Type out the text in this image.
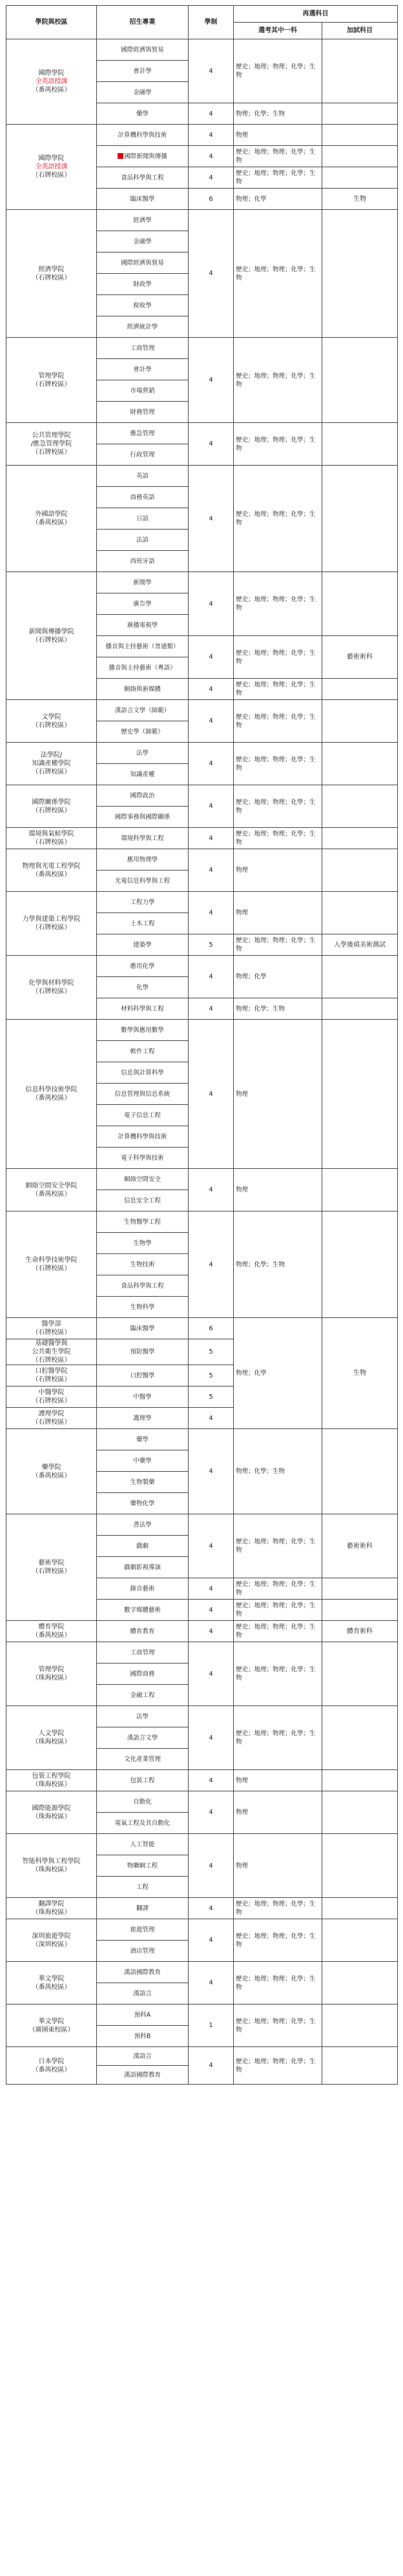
學院與校區	招生專業	學制	再選科目	
			選考其中一科	加試科目

國際學院
全英語授課
（番禺校區）	國際經濟與貿易	4	歷史；地理；物理；化學；生物	
	會計學			
	金融學			
	藥學	4	物理；化學；生物	

國際學院
全英語授課
（石牌校區）	計算機科學與技術	4	物理	
	國際新聞與傳播	4	歷史；地理；物理；化學；生物	
	食品科學與工程	4	歷史；地理；物理；化學；生物	
	臨床醫學	6	物理；化學	生物

經濟學院
（石牌校區）	經濟學	4	歷史；地理；物理；化學；生物	
	金融學			
	國際經濟與貿易			
	財政學			
	稅收學			
	經濟統計學			

管理學院
（石牌校區）	工商管理	4	歷史；地理；物理；化學；生物	
	會計學			
	市場營銷			
	財務管理			

公共管理學院
/應急管理學院
（石牌校區）	應急管理	4	歷史；地理；物理；化學；生物	
	行政管理			

外國語學院
（番禺校區）	英語	4	歷史；地理；物理；化學；生物	
	商務英語			
	日語			
	法語			
	西班牙語			

新聞與傳播學院
（石牌校區）	新聞學	4	歷史；地理；物理；化學；生物	
	廣告學			
	廣播電視學			
	播音與主持藝術（普通類）	4	歷史；地理；物理；化學；生物	藝術術科
	播音與主持藝術（粵語）			
	網絡與新媒體	4	歷史；地理；物理；化學；生物	

文學院
（石牌校區）	漢語言文學（師範）	4	歷史；地理；物理；化學；生物	
	歷史學（師範）			

法學院/
知識產權學院
（石牌校區）	法學	4	歷史；地理；物理；化學；生物	
	知識產權			

國際關係學院
（石牌校區）	國際政治	4	歷史；地理；物理；化學；生物	
	國際事務與國際關係			

環境與氣候學院
（石牌校區）	環境科學與工程	4	歷史；地理；物理；化學；生物	

物理與光電工程學院
（番禺校區）	應用物理學	4	物理	
	光電信息科學與工程			

力學與建築工程學院
（石牌校區）	工程力學	4	物理	
	土木工程			
	建築學	5	歷史；地理；物理；化學；生物	入學後填美術測試

化學與材料學院
（石牌校區）	應用化學	4	物理；化學	
	化學			
	材料科學與工程	4	物理；化學；生物	

信息科學技術學院
（番禺校區）	數學與應用數學	4	物理	
	軟件工程			
	信息與計算科學			
	信息管理與信息系統			
	電子信息工程			
	計算機科學與技術			
	電子科學與技術			

網絡空間安全學院
（番禺校區）	網絡空間安全	4	物理	
	信息安全工程			

生命科學技術學院
（石牌校區）	生物醫學工程	4	物理；化學；生物	
	生物學			
	生物技術			
	食品科學與工程			
	生物科學			

醫學部
（石牌校區）	臨床醫學	6	物理；化學	生物

基礎醫學與
公共衛生學院
（石牌校區）	預防醫學	5		

口腔醫學院
（石牌校區）	口腔醫學	5		

中醫學院
（石牌校區）	中醫學	5		

護理學院
（石牌校區）	護理學	4		

藥學院
（番禺校區）	藥學	4	物理；化學；生物	
	中藥學			
	生物製藥			
	藥物化學			

藝術學院
（石牌校區）	書法學	4	歷史；地理；物理；化學；生物	藝術術科
	戲劇			
	戲劇影視導演			
	錄音藝術	4	歷史；地理；物理；化學；生物	
	數字媒體藝術	4	歷史；地理；物理；化學；生物	

體育學院
（番禺校區）	體育教育	4	歷史；地理；物理；化學；生物	體育術科

管理學院
（珠海校區）	工商管理	4	歷史；地理；物理；化學；生物	
	國際商務			
	金融工程			

人文學院
（珠海校區）	法學	4	歷史；地理；物理；化學；生物	
	漢語言文學			
	文化產業管理			

包裝工程學院
（珠海校區）	包裝工程	4	物理	

國際能源學院
（珠海校區）	自動化	4	物理	
	電氣工程及其自動化			

智能科學與工程學院
（珠海校區）	人工智能	4	物理	
	物聯網工程			
	工程			

翻譯學院
（珠海校區）	翻譯	4	歷史；地理；物理；化學；生物	

深圳旅遊學院
（深圳校區）	旅遊管理	4	歷史；地理；物理；化學；生物	
	酒店管理			

華文學院
（番禺校區）	漢語國際教育	4	歷史；地理；物理；化學；生物	
	漢語言			

華文學院
（廣園東校區）	預科A	1	歷史；地理；物理；化學；生物	
	預科B			

日本學院
（番禺校區）	漢語言	4	歷史；地理；物理；化學；生物	
	漢語國際教育			
